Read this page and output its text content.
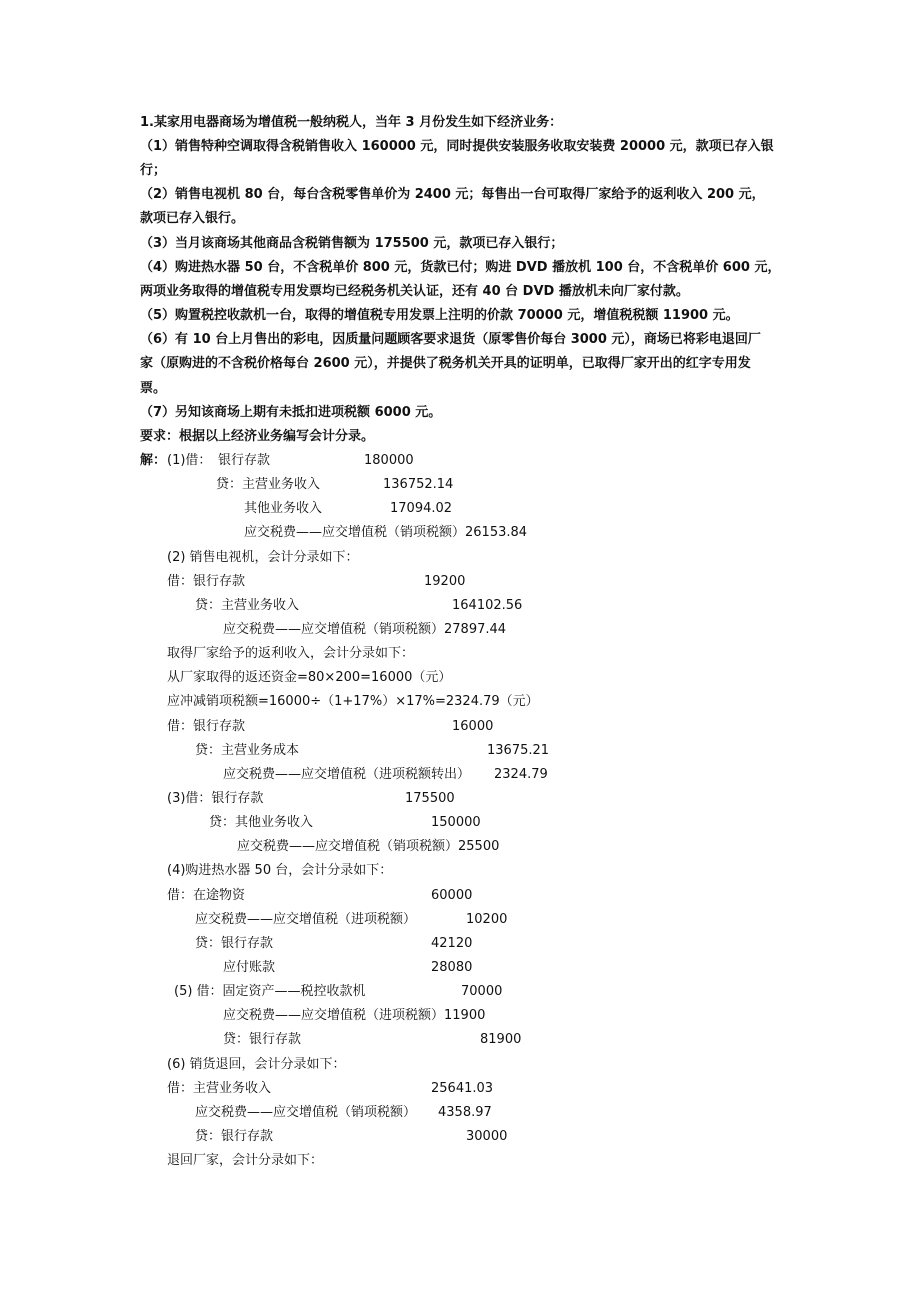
1.某家用电器商场为增值税一般纳税人，当年 3 月份发生如下经济业务：
（1）销售特种空调取得含税销售收入 160000 元，同时提供安装服务收取安装费 20000 元，款项已存入银
行；
（2）销售电视机 80 台，每台含税零售单价为 2400 元；每售出一台可取得厂家给予的返利收入 200 元，
款项已存入银行。
（3）当月该商场其他商品含税销售额为 175500 元，款项已存入银行；
（4）购进热水器 50 台，不含税单价 800 元，货款已付；购进 DVD 播放机 100 台，不含税单价 600 元，
两项业务取得的增值税专用发票均已经税务机关认证，还有 40 台 DVD 播放机未向厂家付款。
（5）购置税控收款机一台，取得的增值税专用发票上注明的价款 70000 元，增值税税额 11900 元。
（6）有 10 台上月售出的彩电，因质量问题顾客要求退货（原零售价每台 3000 元），商场已将彩电退回厂
家（原购进的不含税价格每台 2600 元），并提供了税务机关开具的证明单，已取得厂家开出的红字专用发
票。
（7）另知该商场上期有未抵扣进项税额 6000 元。
要求：根据以上经济业务编写会计分录。
解： (1)借： 银行存款	180000
贷：主营业务收入	136752.14
其他业务收入	17094.02
应交税费——应交增值税（销项税额）26153.84
(2) 销售电视机，会计分录如下：
借：银行存款	19200
贷：主营业务收入	164102.56
应交税费——应交增值税（销项税额）27897.44
取得厂家给予的返利收入，会计分录如下：
从厂家取得的返还资金=80×200=16000（元）
应冲减销项税额=16000÷（1+17%）×17%=2324.79（元）
借：银行存款	16000
贷：主营业务成本	13675.21
应交税费——应交增值税（进项税额转出） 2324.79
(3)借：银行存款	175500
贷：其他业务收入	150000
应交税费——应交增值税（销项税额）25500
(4)购进热水器 50 台，会计分录如下：
借：在途物资	60000
应交税费——应交增值税（进项税额）	10200
贷：银行存款	42120
应付账款	28080
(5) 借：固定资产——税控收款机	70000
应交税费——应交增值税（进项税额）11900
贷：银行存款	81900
(6) 销货退回，会计分录如下：
借：主营业务收入	25641.03
应交税费——应交增值税（销项税额） 4358.97
贷：银行存款	30000
退回厂家，会计分录如下：
